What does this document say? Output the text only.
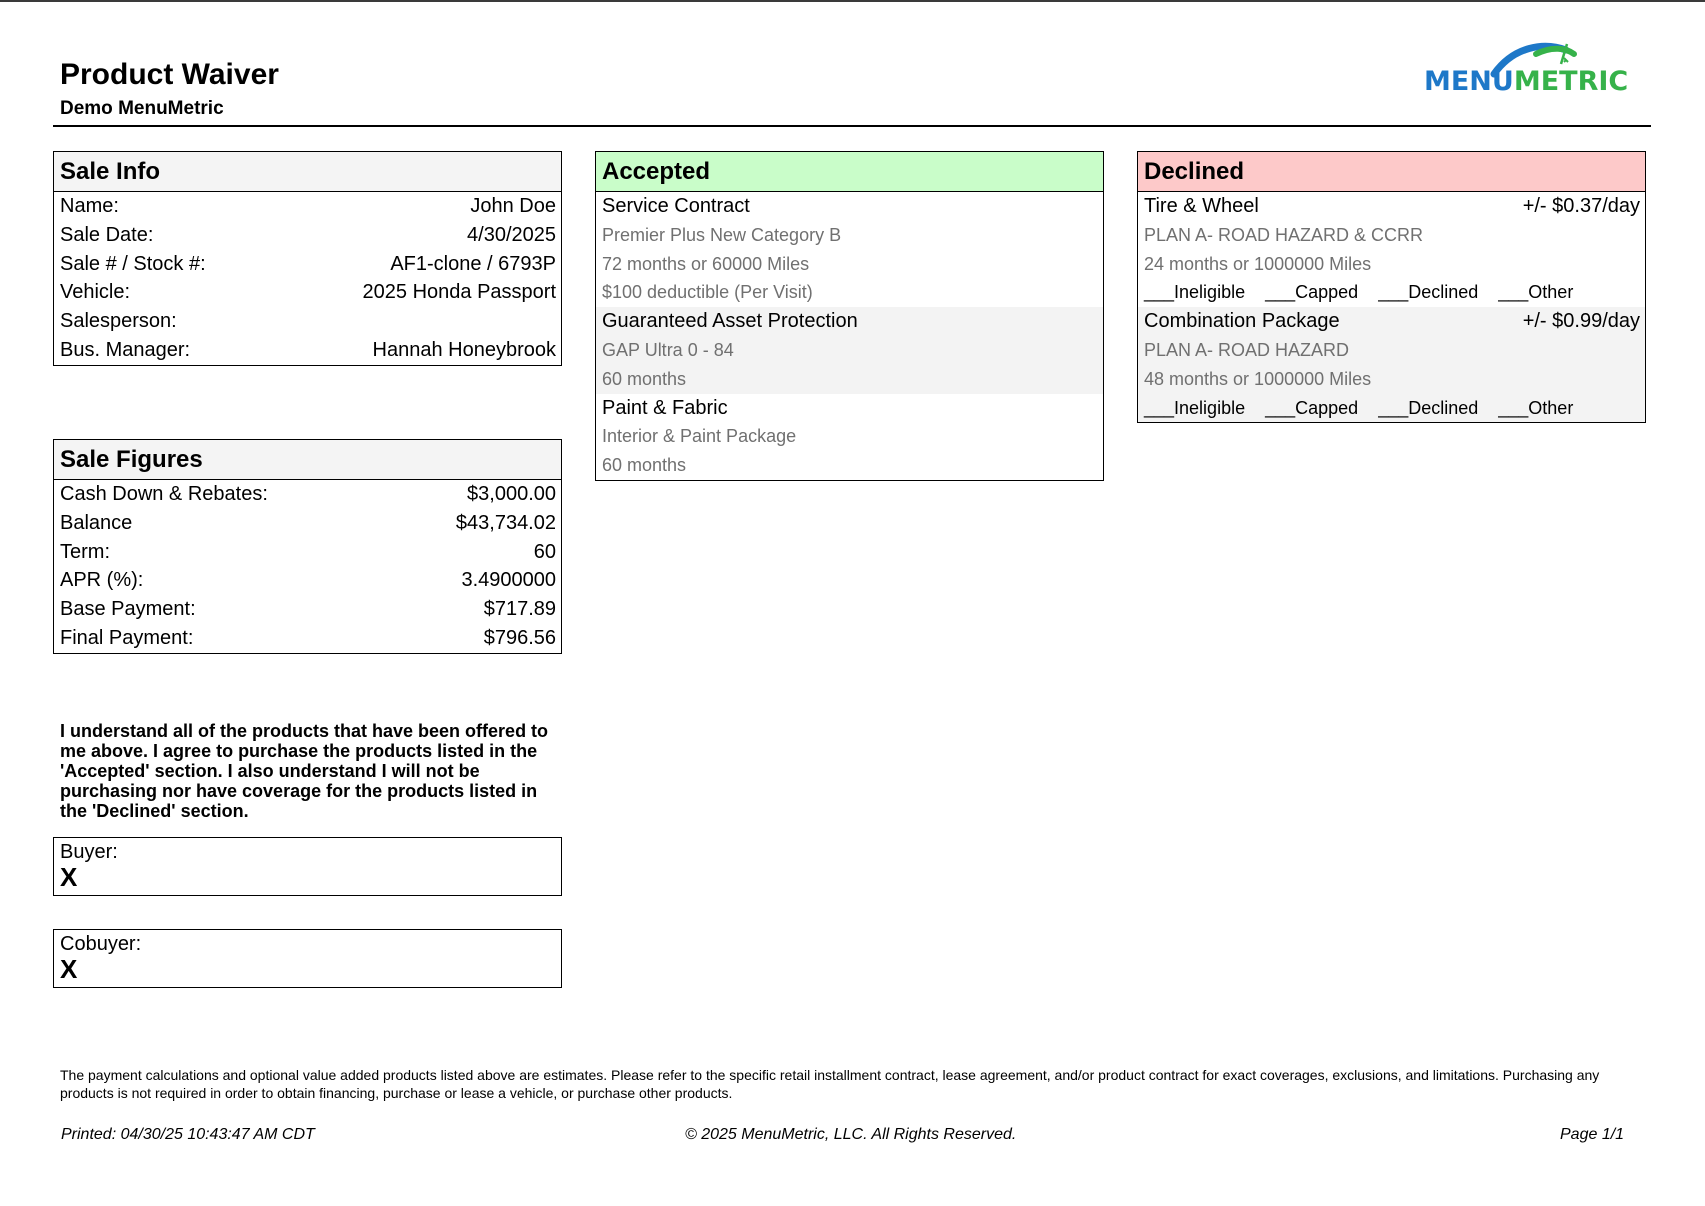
Product Waiver
Demo MenuMetric
MENUMETRIC
Sale Info
Name:	John Doe
Sale Date:	4/30/2025
Sale # / Stock #:	AF1-clone / 6793P
Vehicle:	2025 Honda Passport
Salesperson:
Bus. Manager:	Hannah Honeybrook
Sale Figures
Cash Down & Rebates:	$3,000.00
Balance	$43,734.02
Term:	60
APR (%):	3.4900000
Base Payment:	$717.89
Final Payment:	$796.56
Accepted
Service Contract
Premier Plus New Category B
72 months or 60000 Miles
$100 deductible (Per Visit)
Guaranteed Asset Protection
GAP Ultra 0 - 84
60 months
Paint & Fabric
Interior & Paint Package
60 months
Declined
Tire & Wheel	+/- $0.37/day
PLAN A- ROAD HAZARD & CCRR
24 months or 1000000 Miles
___Ineligible ___Capped ___Declined ___Other
Combination Package	+/- $0.99/day
PLAN A- ROAD HAZARD
48 months or 1000000 Miles
___Ineligible ___Capped ___Declined ___Other
I understand all of the products that have been offered to me above. I agree to purchase the products listed in the 'Accepted' section. I also understand I will not be purchasing nor have coverage for the products listed in the 'Declined' section.
Buyer:
X
Cobuyer:
X
The payment calculations and optional value added products listed above are estimates. Please refer to the specific retail installment contract, lease agreement, and/or product contract for exact coverages, exclusions, and limitations. Purchasing any products is not required in order to obtain financing, purchase or lease a vehicle, or purchase other products.
Printed: 04/30/25 10:43:47 AM CDT	© 2025 MenuMetric, LLC. All Rights Reserved.	Page 1/1
